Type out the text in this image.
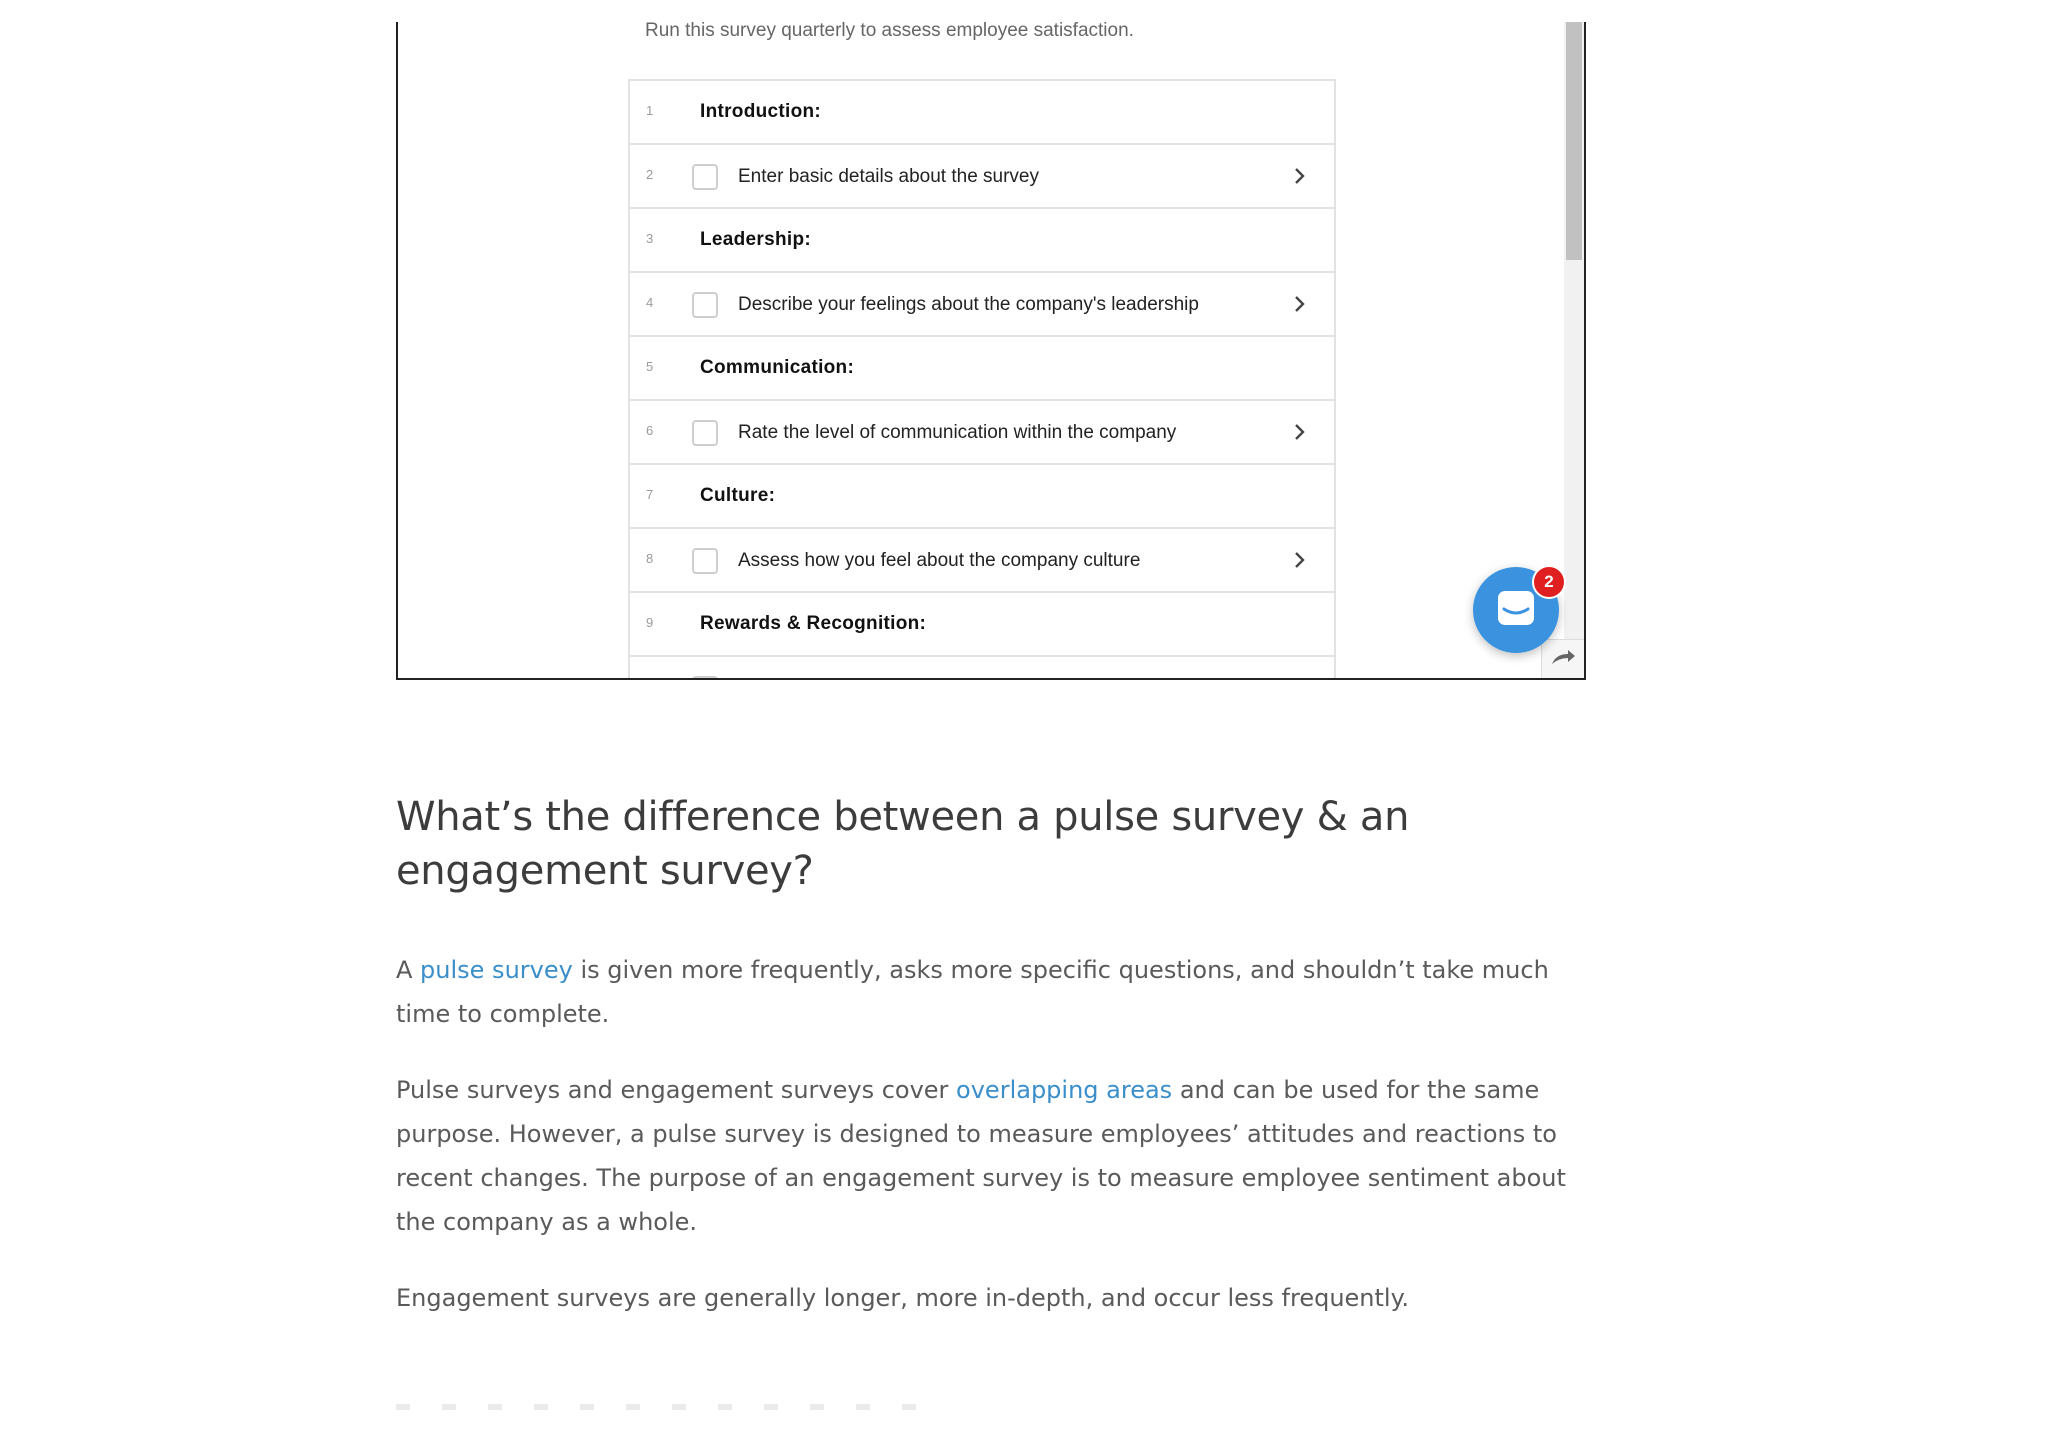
Run this survey quarterly to assess employee satisfaction.
1 Introduction:
2	Enter basic details about the survey
3 Leadership:
4	Describe your feelings about the company's leadership
5 Communication:
6	Rate the level of communication within the company
7 Culture:
8	Assess how you feel about the company culture
9 Rewards & Recognition:
2
What’s the difference between a pulse survey & an engagement survey?

A pulse survey is given more frequently, asks more specific questions, and shouldn’t take much time to complete.

Pulse surveys and engagement surveys cover overlapping areas and can be used for the same purpose. However, a pulse survey is designed to measure employees’ attitudes and reactions to recent changes. The purpose of an engagement survey is to measure employee sentiment about the company as a whole.

Engagement surveys are generally longer, more in-depth, and occur less frequently.
